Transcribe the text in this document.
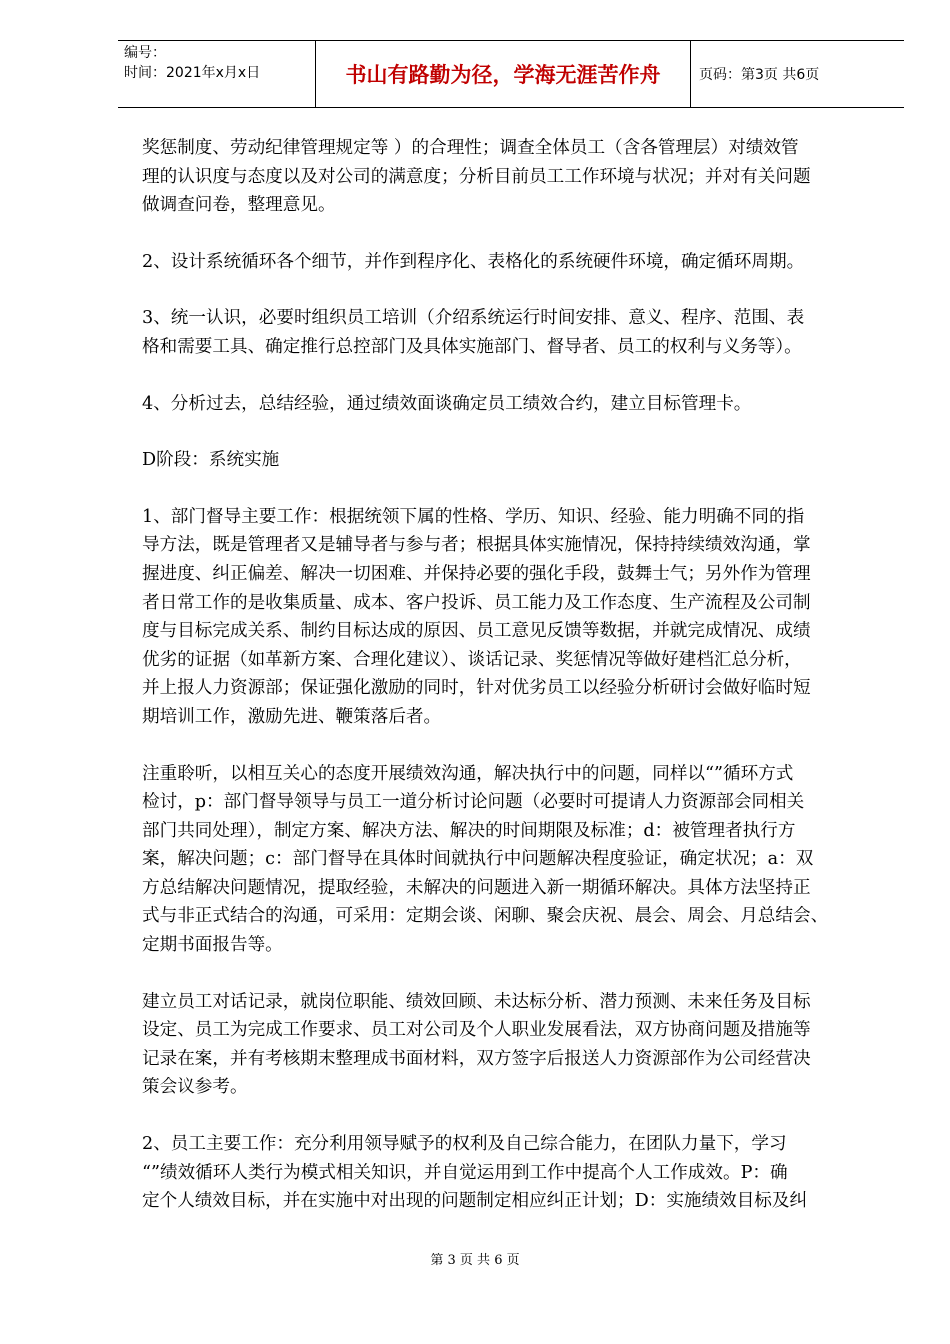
编号：
时间：2021年x月x日	书山有路勤为径，学海无涯苦作舟	页码：第3页 共6页

奖惩制度、劳动纪律管理规定等 ）的合理性；调查全体员工（含各管理层）对绩效管
理的认识度与态度以及对公司的满意度；分析目前员工工作环境与状况；并对有关问题
做调查问卷，整理意见。

2、设计系统循环各个细节，并作到程序化、表格化的系统硬件环境，确定循环周期。

3、统一认识，必要时组织员工培训（介绍系统运行时间安排、意义、程序、范围、表
格和需要工具、确定推行总控部门及具体实施部门、督导者、员工的权利与义务等）。

4、分析过去，总结经验，通过绩效面谈确定员工绩效合约，建立目标管理卡。

D阶段：系统实施

1、部门督导主要工作：根据统领下属的性格、学历、知识、经验、能力明确不同的指
导方法，既是管理者又是辅导者与参与者；根据具体实施情况，保持持续绩效沟通，掌
握进度、纠正偏差、解决一切困难、并保持必要的强化手段，鼓舞士气；另外作为管理
者日常工作的是收集质量、成本、客户投诉、员工能力及工作态度、生产流程及公司制
度与目标完成关系、制约目标达成的原因、员工意见反馈等数据，并就完成情况、成绩
优劣的证据（如革新方案、合理化建议）、谈话记录、奖惩情况等做好建档汇总分析，
并上报人力资源部；保证强化激励的同时，针对优劣员工以经验分析研讨会做好临时短
期培训工作，激励先进、鞭策落后者。

注重聆听，以相互关心的态度开展绩效沟通，解决执行中的问题，同样以“”循环方式
检讨，p：部门督导领导与员工一道分析讨论问题（必要时可提请人力资源部会同相关
部门共同处理），制定方案、解决方法、解决的时间期限及标准；d：被管理者执行方
案，解决问题；c：部门督导在具体时间就执行中问题解决程度验证，确定状况；a：双
方总结解决问题情况，提取经验，未解决的问题进入新一期循环解决。具体方法坚持正
式与非正式结合的沟通，可采用：定期会谈、闲聊、聚会庆祝、晨会、周会、月总结会、
定期书面报告等。

建立员工对话记录，就岗位职能、绩效回顾、未达标分析、潜力预测、未来任务及目标
设定、员工为完成工作要求、员工对公司及个人职业发展看法，双方协商问题及措施等
记录在案，并有考核期末整理成书面材料，双方签字后报送人力资源部作为公司经营决
策会议参考。

2、员工主要工作：充分利用领导赋予的权利及自己综合能力，在团队力量下，学习
“”绩效循环人类行为模式相关知识，并自觉运用到工作中提高个人工作成效。P：确
定个人绩效目标，并在实施中对出现的问题制定相应纠正计划；D：实施绩效目标及纠

第 3 页 共 6 页
